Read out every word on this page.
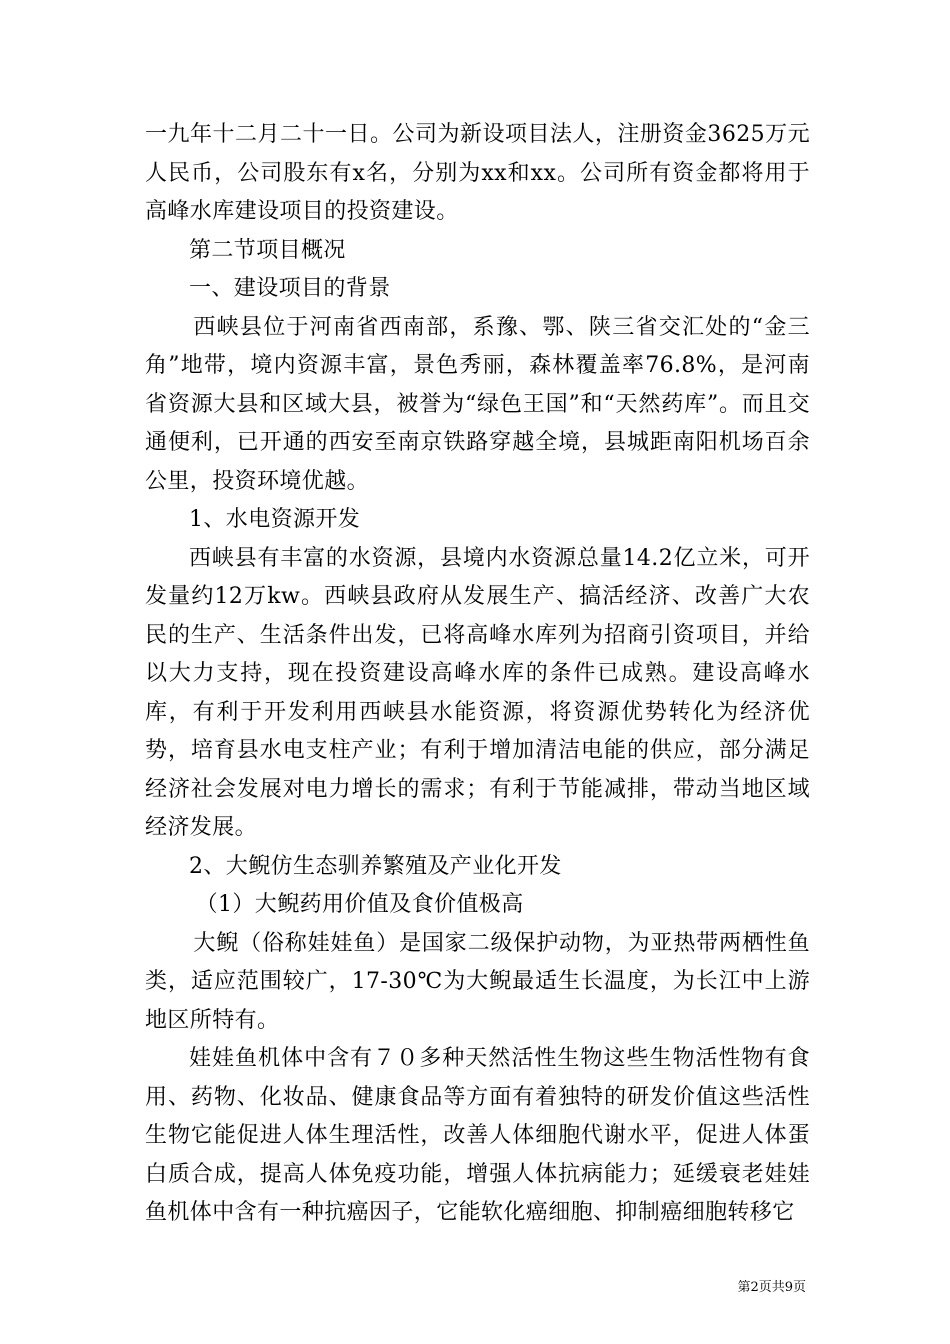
一九年十二月二十一日。公司为新设项目法人，注册资金3625万元人民币，公司股东有x名，分别为xx和xx。公司所有资金都将用于高峰水库建设项目的投资建设。

第二节项目概况

一、建设项目的背景

西峡县位于河南省西南部，系豫、鄂、陕三省交汇处的“金三角”地带，境内资源丰富，景色秀丽，森林覆盖率76.8%，是河南省资源大县和区域大县，被誉为“绿色王国”和“天然药库”。而且交通便利，已开通的西安至南京铁路穿越全境，县城距南阳机场百余公里，投资环境优越。

1、水电资源开发

西峡县有丰富的水资源，县境内水资源总量14.2亿立米，可开发量约12万kw。西峡县政府从发展生产、搞活经济、改善广大农民的生产、生活条件出发，已将高峰水库列为招商引资项目，并给以大力支持，现在投资建设高峰水库的条件已成熟。建设高峰水库，有利于开发利用西峡县水能资源，将资源优势转化为经济优势，培育县水电支柱产业；有利于增加清洁电能的供应，部分满足经济社会发展对电力增长的需求；有利于节能减排，带动当地区域经济发展。

2、大鲵仿生态驯养繁殖及产业化开发

（1）大鲵药用价值及食价值极高

大鲵（俗称娃娃鱼）是国家二级保护动物，为亚热带两栖性鱼类，适应范围较广，17-30℃为大鲵最适生长温度，为长江中上游地区所特有。

娃娃鱼机体中含有７０多种天然活性生物这些生物活性物有食用、药物、化妆品、健康食品等方面有着独特的研发价值这些活性生物它能促进人体生理活性，改善人体细胞代谢水平，促进人体蛋白质合成，提高人体免疫功能，增强人体抗病能力；延缓衰老娃娃鱼机体中含有一种抗癌因子，它能软化癌细胞、抑制癌细胞转移它

第2页共9页
